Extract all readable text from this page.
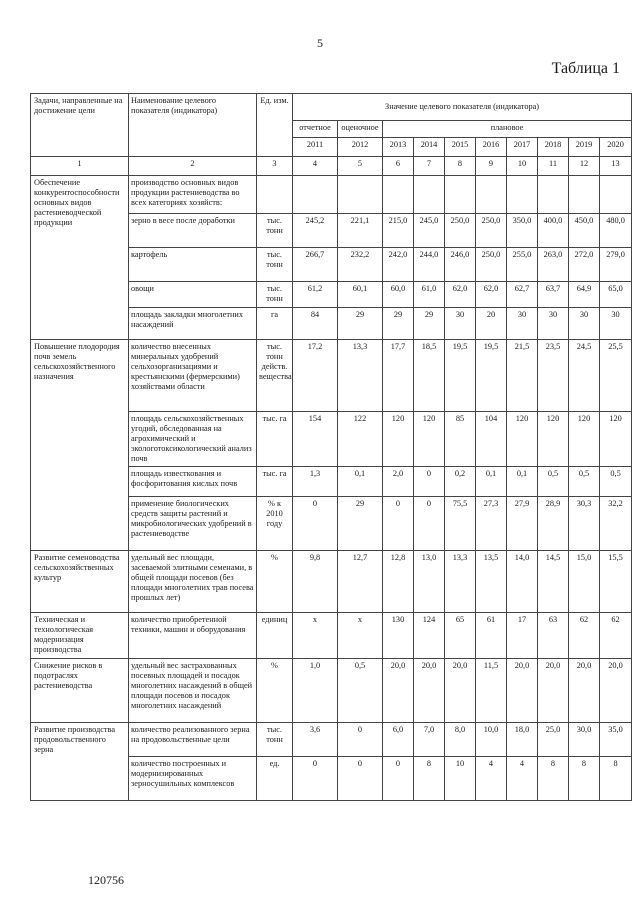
5
Таблица 1
Задачи, направленные на достижение цели	Наименование целевого показателя (индикатора)	Ед. изм.	Значение целевого показателя (индикатора)									
			отчетное	оценочное	плановое							
			2011	2012	2013	2014	2015	2016	2017	2018	2019	2020
1	2	3	4	5	6	7	8	9	10	11	12	13
Обеспечение конкурентоспособности основных видов растениеводческой продукции	производство основных видов продукции растениеводства во всех категориях хозяйств:											
	зерно в весе после доработки	тыс. тонн	245,2	221,1	215,0	245,0	250,0	250,0	350,0	400,0	450,0	480,0
	картофель	тыс. тонн	266,7	232,2	242,0	244,0	246,0	250,0	255,0	263,0	272,0	279,0
	овощи	тыс. тонн	61,2	60,1	60,0	61,0	62,0	62,0	62,7	63,7	64,9	65,0
	площадь закладки многолетних насаждений	га	84	29	29	29	30	20	30	30	30	30
Повышение плодородия почв земель сельскохозяйственного назначения	количество внесенных минеральных удобрений сельхозорганизациями и крестьянскими (фермерскими) хозяйствами области	тыс. тонн действ. вещества	17,2	13,3	17,7	18,5	19,5	19,5	21,5	23,5	24,5	25,5
	площадь сельскохозяйственных угодий, обследованная на агрохимический и экологотоксикологический анализ почв	тыс. га	154	122	120	120	85	104	120	120	120	120
	площадь известкования и фосфоритования кислых почв	тыс. га	1,3	0,1	2,0	0	0,2	0,1	0,1	0,5	0,5	0,5
	применение биологических средств защиты растений и микробиологических удобрений в растениеводстве	% к 2010 году	0	29	0	0	75,5	27,3	27,9	28,9	30,3	32,2
Развитие семеноводства сельскохозяйственных культур	удельный вес площади, засеваемой элитными семенами, в общей площади посевов (без площади многолетних трав посева прошлых лет)	%	9,8	12,7	12,8	13,0	13,3	13,5	14,0	14,5	15,0	15,5
Техническая и технологическая модернизация производства	количество приобретенной техники, машин и оборудования	единиц	х	х	130	124	65	61	17	63	62	62
Снижение рисков в подотраслях растениеводства	удельный вес застрахованных посевных площадей и посадок многолетних насаждений в общей площади посевов и посадок многолетних насаждений	%	1,0	0,5	20,0	20,0	20,0	11,5	20,0	20,0	20,0	20,0
Развитие производства продовольственного зерна	количество реализованного зерна на продовольственные цели	тыс. тонн	3,6	0	6,0	7,0	8,0	10,0	18,0	25,0	30,0	35,0
	количество построенных и модернизированных зерносушильных комплексов	ед.	0	0	0	8	10	4	4	8	8	8
120756
